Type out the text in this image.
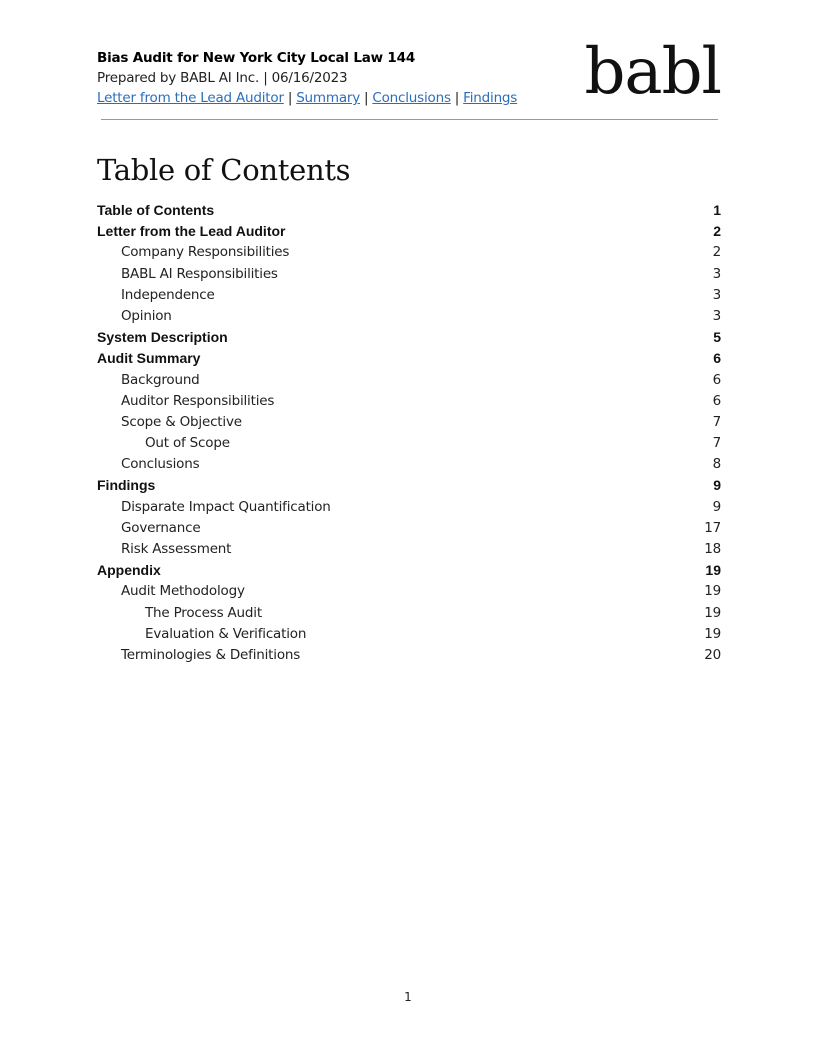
Bias Audit for New York City Local Law 144
Prepared by BABL AI Inc. | 06/16/2023
Letter from the Lead Auditor | Summary | Conclusions | Findings	babl
Table of Contents
Table of Contents	1
Letter from the Lead Auditor	2
Company Responsibilities	2
BABL AI Responsibilities	3
Independence	3
Opinion	3
System Description	5
Audit Summary	6
Background	6
Auditor Responsibilities	6
Scope & Objective	7
Out of Scope	7
Conclusions	8
Findings	9
Disparate Impact Quantification	9
Governance	17
Risk Assessment	18
Appendix	19
Audit Methodology	19
The Process Audit	19
Evaluation & Verification	19
Terminologies & Definitions	20
1
